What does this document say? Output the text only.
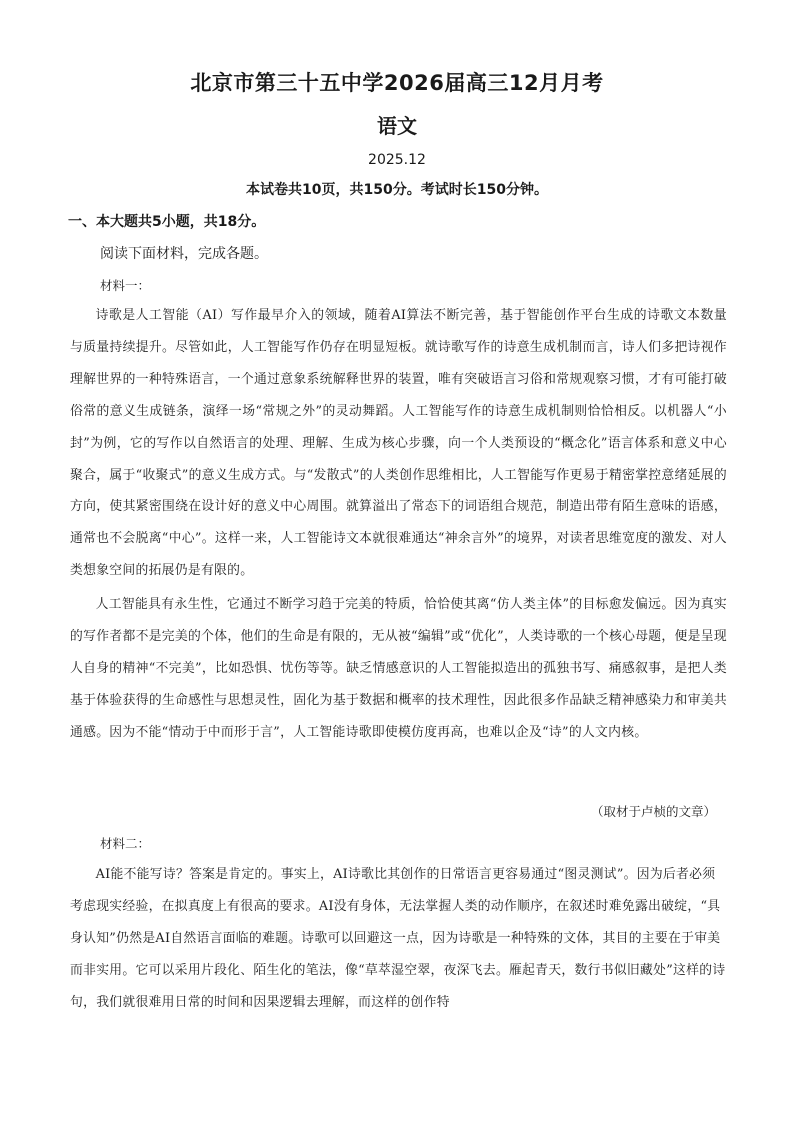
北京市第三十五中学2026届高三12月月考
语文
2025.12
本试卷共10页，共150分。考试时长150分钟。
一、本大题共5小题，共18分。
阅读下面材料，完成各题。
材料一：

诗歌是人工智能（AI）写作最早介入的领域，随着AI算法不断完善，基于智能创作平台生成的诗歌文本数量与质量持续提升。尽管如此，人工智能写作仍存在明显短板。就诗歌写作的诗意生成机制而言，诗人们多把诗视作理解世界的一种特殊语言，一个通过意象系统解释世界的装置，唯有突破语言习俗和常规观察习惯，才有可能打破俗常的意义生成链条，演绎一场“常规之外”的灵动舞蹈。人工智能写作的诗意生成机制则恰恰相反。以机器人“小封”为例，它的写作以自然语言的处理、理解、生成为核心步骤，向一个人类预设的“概念化”语言体系和意义中心聚合，属于“收聚式”的意义生成方式。与“发散式”的人类创作思维相比，人工智能写作更易于精密掌控意绪延展的方向，使其紧密围绕在设计好的意义中心周围。就算溢出了常态下的词语组合规范，制造出带有陌生意味的语感，通常也不会脱离“中心”。这样一来，人工智能诗文本就很难通达“神余言外”的境界，对读者思维宽度的激发、对人类想象空间的拓展仍是有限的。

人工智能具有永生性，它通过不断学习趋于完美的特质，恰恰使其离“仿人类主体”的目标愈发偏远。因为真实的写作者都不是完美的个体，他们的生命是有限的，无从被“编辑”或“优化”，人类诗歌的一个核心母题，便是呈现人自身的精神“不完美”，比如恐惧、忧伤等等。缺乏情感意识的人工智能拟造出的孤独书写、痛感叙事，是把人类基于体验获得的生命感性与思想灵性，固化为基于数据和概率的技术理性，因此很多作品缺乏精神感染力和审美共通感。因为不能“情动于中而形于言”，人工智能诗歌即使模仿度再高，也难以企及“诗”的人文内核。

（取材于卢桢的文章）
材料二：

AI能不能写诗？答案是肯定的。事实上，AI诗歌比其创作的日常语言更容易通过“图灵测试”。因为后者必须考虑现实经验，在拟真度上有很高的要求。AI没有身体，无法掌握人类的动作顺序，在叙述时难免露出破绽，“具身认知”仍然是AI自然语言面临的难题。诗歌可以回避这一点，因为诗歌是一种特殊的文体，其目的主要在于审美而非实用。它可以采用片段化、陌生化的笔法，像“草萃湿空翠，夜深飞去。雁起青天，数行书似旧藏处”这样的诗句，我们就很难用日常的时间和因果逻辑去理解，而这样的创作特
